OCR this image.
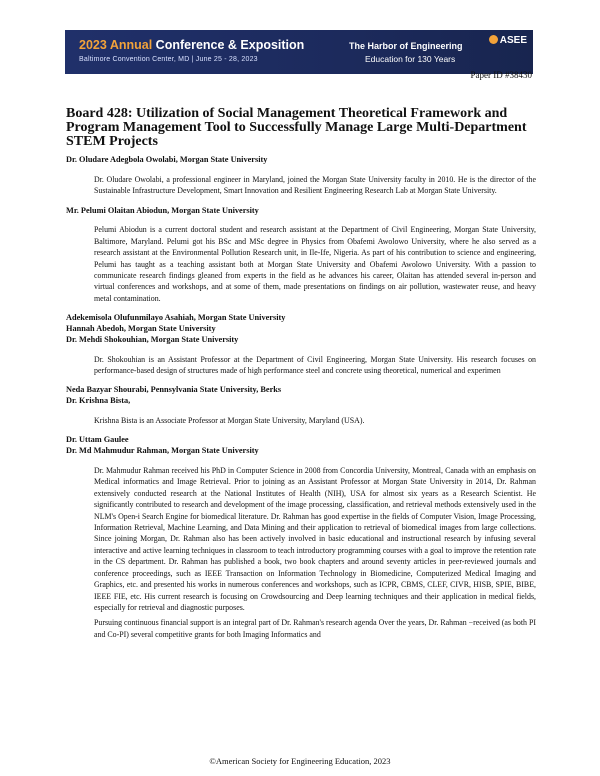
2023 Annual Conference & Exposition
Baltimore Convention Center, MD | June 25 - 28, 2023
The Harbor of Engineering
Education for 130 Years
ASEE
Paper ID #38430
Board 428: Utilization of Social Management Theoretical Framework and Program Management Tool to Successfully Manage Large Multi-Department STEM Projects

Dr. Oludare Adegbola Owolabi, Morgan State University

Dr. Oludare Owolabi, a professional engineer in Maryland, joined the Morgan State University faculty in 2010. He is the director of the Sustainable Infrastructure Development, Smart Innovation and Resilient Engineering Research Lab at Morgan State University.

Mr. Pelumi Olaitan Abiodun, Morgan State University

Pelumi Abiodun is a current doctoral student and research assistant at the Department of Civil Engineering, Morgan State University, Baltimore, Maryland. Pelumi got his BSc and MSc degree in Physics from Obafemi Awolowo University, where he also served as a research assistant at the Environmental Pollution Research unit, in Ile-Ife, Nigeria. As part of his contribution to science and engineering, Pelumi has taught as a teaching assistant both at Morgan State University and Obafemi Awolowo University. With a passion to communicate research findings gleaned from experts in the field as he advances his career, Olaitan has attended several in-person and virtual conferences and workshops, and at some of them, made presentations on findings on air pollution, wastewater reuse, and heavy metal contamination.

Adekemisola Olufunmilayo Asahiah, Morgan State University

Hannah Abedoh, Morgan State University

Dr. Mehdi Shokouhian, Morgan State University

Dr. Shokouhian is an Assistant Professor at the Department of Civil Engineering, Morgan State University. His research focuses on performance-based design of structures made of high performance steel and concrete using theoretical, numerical and experimen

Neda Bazyar Shourabi, Pennsylvania State University, Berks

Dr. Krishna Bista,

Krishna Bista is an Associate Professor at Morgan State University, Maryland (USA).

Dr. Uttam Gaulee

Dr. Md Mahmudur Rahman, Morgan State University

Dr. Mahmudur Rahman received his PhD in Computer Science in 2008 from Concordia University, Montreal, Canada with an emphasis on Medical informatics and Image Retrieval. Prior to joining as an Assistant Professor at Morgan State University in 2014, Dr. Rahman extensively conducted research at the National Institutes of Health (NIH), USA for almost six years as a Research Scientist. He significantly contributed to research and development of the image processing, classification, and retrieval methods extensively used in the NLM's Open-i Search Engine for biomedical literature. Dr. Rahman has good expertise in the fields of Computer Vision, Image Processing, Information Retrieval, Machine Learning, and Data Mining and their application to retrieval of biomedical images from large collections. Since joining Morgan, Dr. Rahman also has been actively involved in basic educational and instructional research by infusing several interactive and active learning techniques in classroom to teach introductory programming courses with a goal to improve the retention rate in the CS department. Dr. Rahman has published a book, two book chapters and around seventy articles in peer-reviewed journals and conference proceedings, such as IEEE Transaction on Information Technology in Biomedicine, Computerized Medical Imaging and Graphics, etc. and presented his works in numerous conferences and workshops, such as ICPR, CBMS, CLEF, CIVR, HISB, SPIE, BIBE, IEEE FIE, etc. His current research is focusing on Crowdsourcing and Deep learning techniques and their application in medical fields, especially for retrieval and diagnostic purposes.

Pursuing continuous financial support is an integral part of Dr. Rahman's research agenda Over the years, Dr. Rahman −received (as both PI and Co-PI) several competitive grants for both Imaging Informatics and

©American Society for Engineering Education, 2023
